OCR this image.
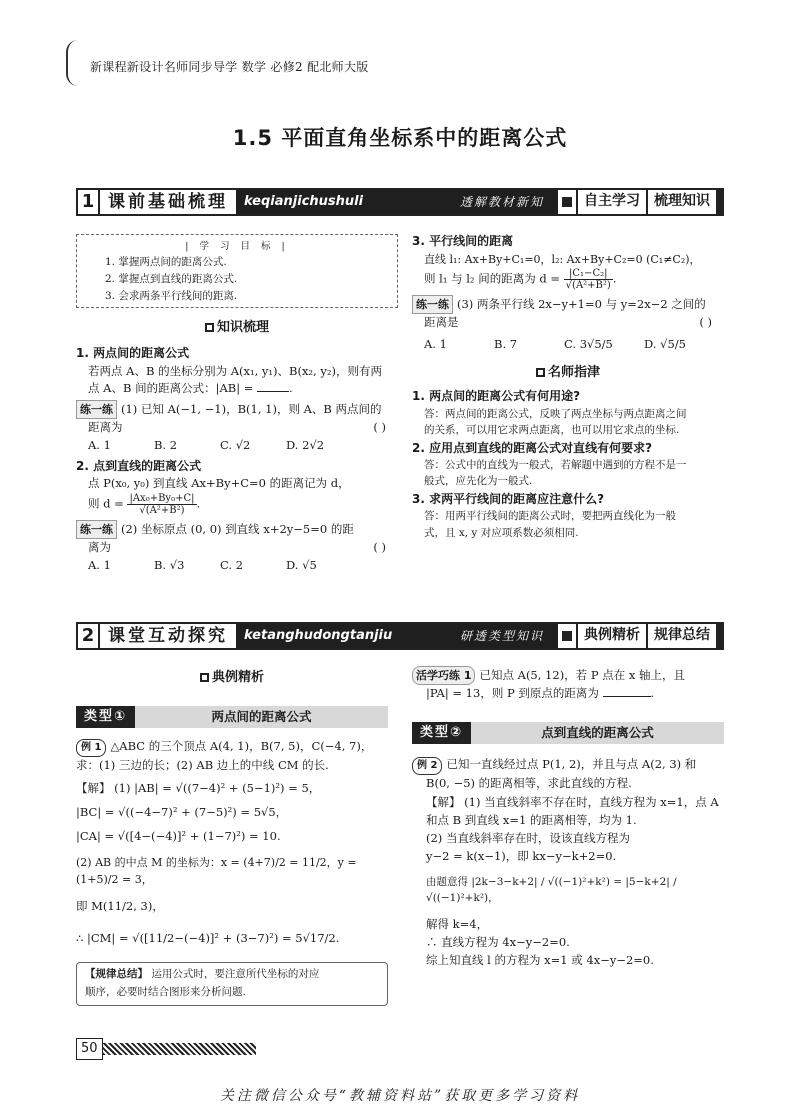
新课程新设计名师同步导学 数学 必修2 配北师大版
1.5 平面直角坐标系中的距离公式
1 课前基础梳理	keqianjichushuli	透解教材新知	自主学习	梳理知识
| 学 习 目 标 |
1. 掌握两点间的距离公式.
2. 掌握点到直线的距离公式.
3. 会求两条平行线间的距离.
知识梳理
1. 两点间的距离公式
若两点 A、B 的坐标分别为 A(x₁, y₁)、B(x₂, y₂)，则有两
点 A、B 间的距离公式：|AB| =	.
练一练 (1) 已知 A(−1, −1)，B(1, 1)，则 A、B 两点间的
距离为	( )
A. 1	B. 2	C. √2	D. 2√2
2. 点到直线的距离公式
点 P(x₀, y₀) 到直线 Ax+By+C=0 的距离记为 d，
则 $d = \frac{\text{|Ax₀+By₀+C|}}{\text{√(A²+B²)}}$ .
练一练 (2) 坐标原点 (0, 0) 到直线 x+2y−5=0 的距
离为	( )
A. 1	B. √3	C. 2	D. √5
3. 平行线间的距离
直线 l₁: Ax+By+C₁=0，l₂: Ax+By+C₂=0 (C₁≠C₂)，
则 l₁ 与 l₂ 间的距离为 $d = \frac{\text{|C₁−C₂|}}{\text{√(A²+B²)}}$ .
练一练 (3) 两条平行线 2x−y+1=0 与 y=2x−2 之间的
距离是	( )
A. 1	B. 7	C. 3√5/5	D. √5/5
名师指津
1. 两点间的距离公式有何用途?
答：两点间的距离公式，反映了两点坐标与两点距离之间
的关系，可以用它求两点距离，也可以用它求点的坐标.
2. 应用点到直线的距离公式对直线有何要求?
答：公式中的直线为一般式，若解题中遇到的方程不是一
般式，应先化为一般式.
3. 求两平行线间的距离应注意什么?
答：用两平行线间的距离公式时，要把两直线化为一般
式，且 x, y 对应项系数必须相同.
2 课堂互动探究	ketanghudongtanjiu	研透类型知识	典例精析	规律总结
典例精析
类型 ①	两点间的距离公式
例 1 △ABC 的三个顶点 A(4, 1)，B(7, 5)，C(−4, 7)，
求：(1) 三边的长；(2) AB 边上的中线 CM 的长.
【解】 (1) |AB| = √((7−4)² + (5−1)²) = 5，
|BC| = √((−4−7)² + (7−5)²) = 5√5，
|CA| = √([4−(−4)]² + (1−7)²) = 10.
(2) AB 的中点 M 的坐标为：x = (4+7)/2 = 11/2，y = (1+5)/2 = 3，
即 M(11/2, 3)，
∴ |CM| = √([11/2−(−4)]² + (3−7)²) = 5√17/2.
【规律总结】 运用公式时，要注意所代坐标的对应
顺序，必要时结合图形来分析问题.
活学巧练 1 已知点 A(5, 12)，若 P 点在 x 轴上，且
|PA| = 13，则 P 到原点的距离为	.
类型 ②	点到直线的距离公式
例 2 已知一直线经过点 P(1, 2)，并且与点 A(2, 3) 和
B(0, −5) 的距离相等，求此直线的方程.
【解】 (1) 当直线斜率不存在时，直线方程为 x=1，点 A
和点 B 到直线 x=1 的距离相等，均为 1.
(2) 当直线斜率存在时，设该直线方程为
y−2 = k(x−1)，即 kx−y−k+2=0.
由题意得 |2k−3−k+2| / √((−1)²+k²) = |5−k+2| / √((−1)²+k²)，
解得 k=4，
∴ 直线方程为 4x−y−2=0.
综上知直线 l 的方程为 x=1 或 4x−y−2=0.
50
关注微信公众号“教辅资料站”获取更多学习资料
